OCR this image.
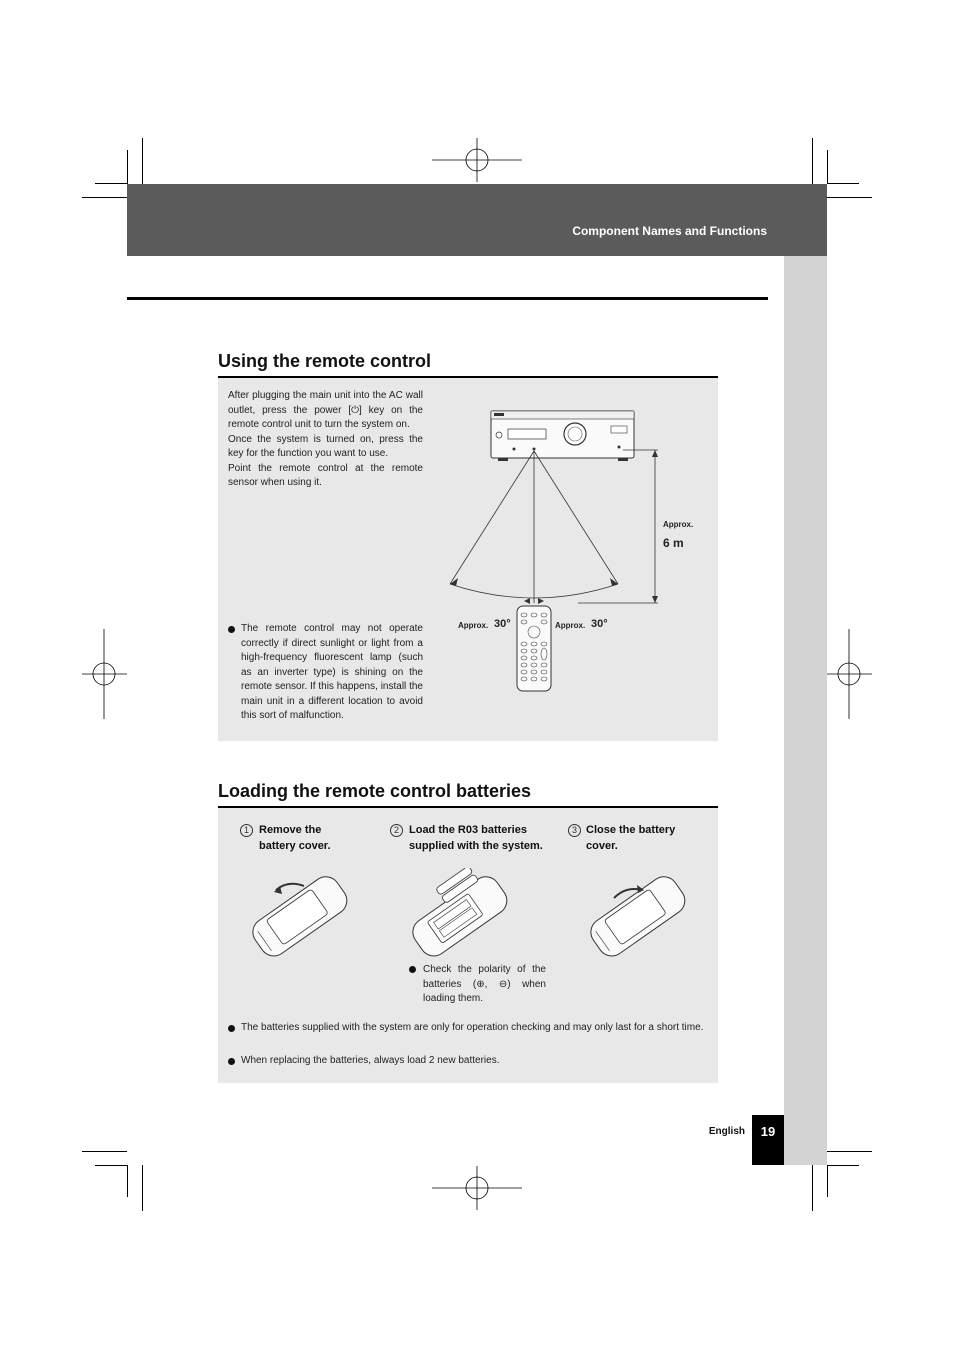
Component Names and Functions
Using the remote control
After plugging the main unit into the AC wall outlet, press the power [⏻] key on the remote control unit to turn the system on.
Once the system is turned on, press the key for the function you want to use.
Point the remote control at the remote sensor when using it.
The remote control may not operate correctly if direct sunlight or light from a high-frequency fluorescent lamp (such as an inverter type) is shining on the remote sensor. If this happens, install the main unit in a different location to avoid this sort of malfunction.
Approx.
6 m
Approx. 30°	Approx. 30°
Loading the remote control batteries
1 Remove the battery cover.
2 Load the R03 batteries supplied with the system.
3 Close the battery cover.
Check the polarity of the batteries (⊕, ⊖) when loading them.
The batteries supplied with the system are only for operation checking and may only last for a short time.
When replacing the batteries, always load 2 new batteries.
English	19
